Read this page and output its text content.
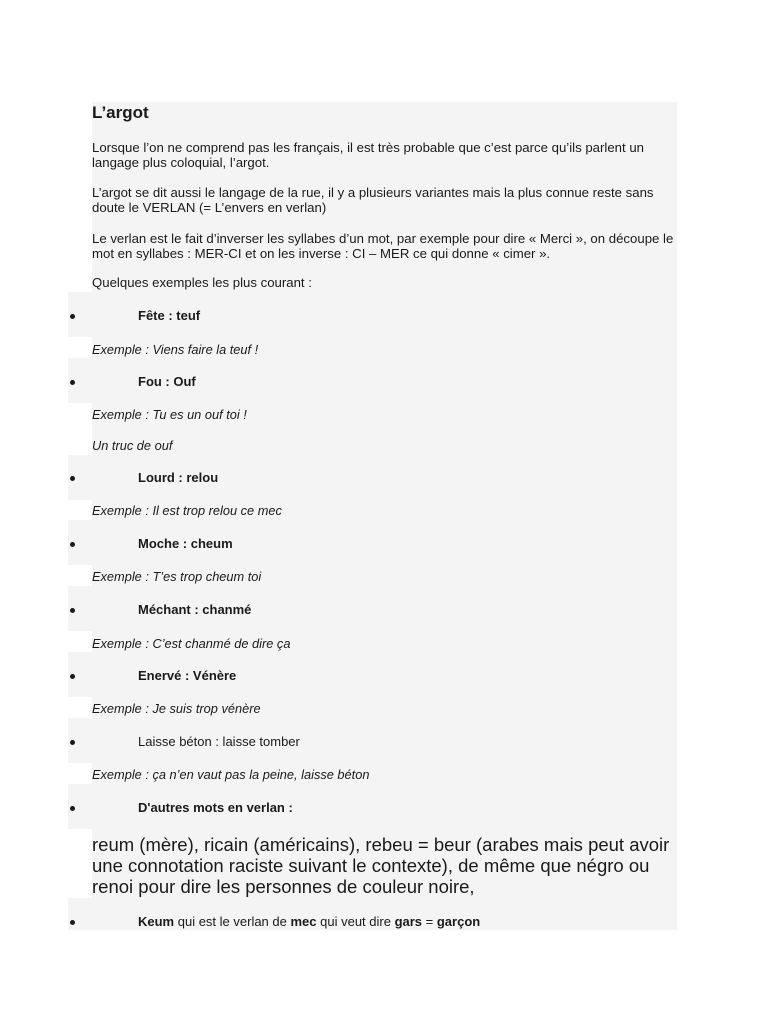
L’argot
Lorsque l’on ne comprend pas les français, il est très probable que c’est parce qu’ils parlent un langage plus coloquial, l’argot.
L’argot se dit aussi le langage de la rue, il y a plusieurs variantes mais la plus connue reste sans doute le VERLAN (= L’envers en verlan)
Le verlan est le fait d’inverser les syllabes d’un mot, par exemple pour dire « Merci », on découpe le mot en syllabes : MER-CI et on les inverse : CI – MER ce qui donne « cimer ».
Quelques exemples les plus courant :
Fête : teuf
Exemple : Viens faire la teuf !
Fou : Ouf
Exemple : Tu es un ouf toi !
Un truc de ouf
Lourd : relou
Exemple : Il est trop relou ce mec
Moche : cheum
Exemple : T’es trop cheum toi
Méchant : chanmé
Exemple : C’est chanmé de dire ça
Enervé : Vénère
Exemple : Je suis trop vénère
Laisse béton : laisse tomber
Exemple : ça n’en vaut pas la peine, laisse béton
D'autres mots en verlan :
reum (mère), ricain (américains), rebeu = beur (arabes mais peut avoir une connotation raciste suivant le contexte), de même que négro ou renoi pour dire les personnes de couleur noire,
Keum qui est le verlan de mec qui veut dire gars = garçon
